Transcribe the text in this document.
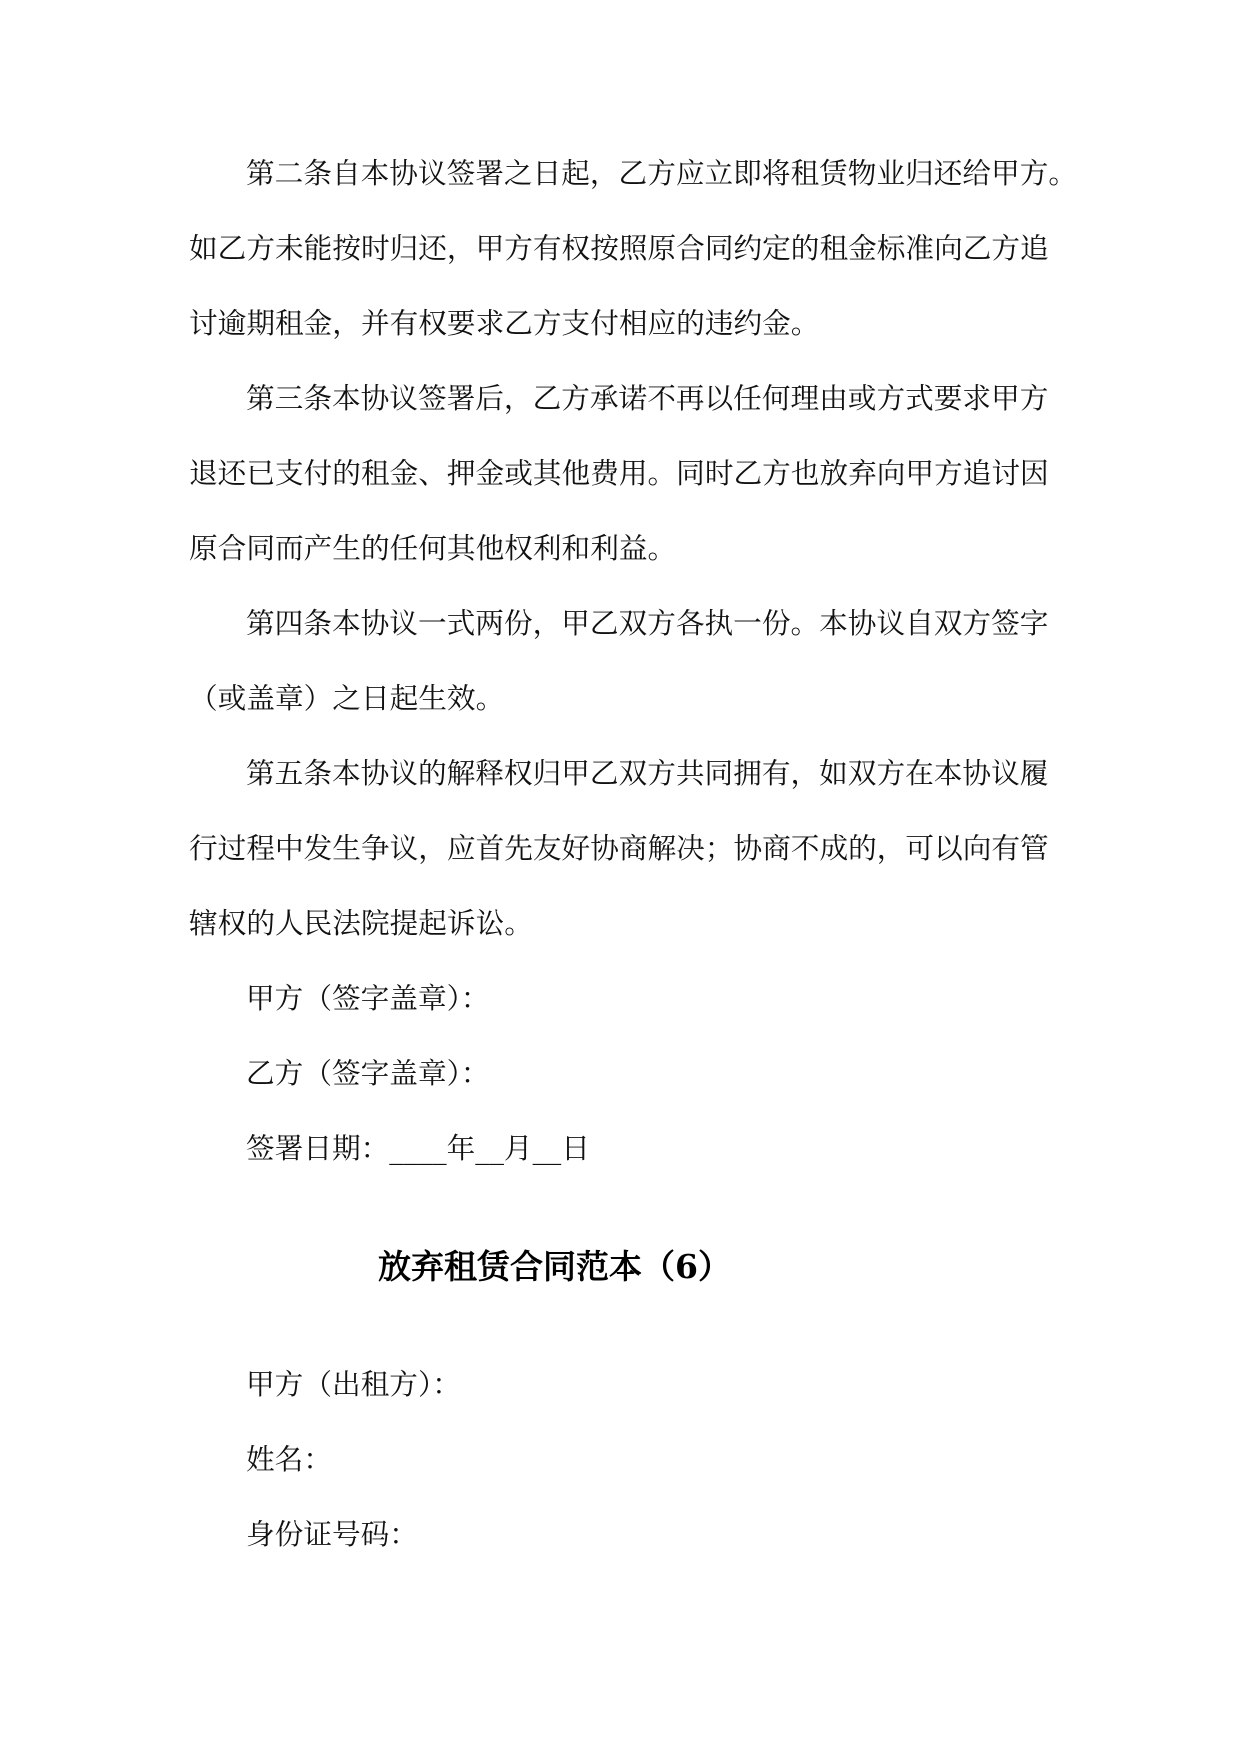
第二条自本协议签署之日起，乙方应立即将租赁物业归还给甲方。
如乙方未能按时归还，甲方有权按照原合同约定的租金标准向乙方追
讨逾期租金，并有权要求乙方支付相应的违约金。
第三条本协议签署后，乙方承诺不再以任何理由或方式要求甲方
退还已支付的租金、押金或其他费用。同时乙方也放弃向甲方追讨因
原合同而产生的任何其他权利和利益。
第四条本协议一式两份，甲乙双方各执一份。本协议自双方签字
（或盖章）之日起生效。
第五条本协议的解释权归甲乙双方共同拥有，如双方在本协议履
行过程中发生争议，应首先友好协商解决；协商不成的，可以向有管
辖权的人民法院提起诉讼。
甲方（签字盖章）：
乙方（签字盖章）：
签署日期：____年__月__日
放弃租赁合同范本（6）
甲方（出租方）：
姓名：
身份证号码：
